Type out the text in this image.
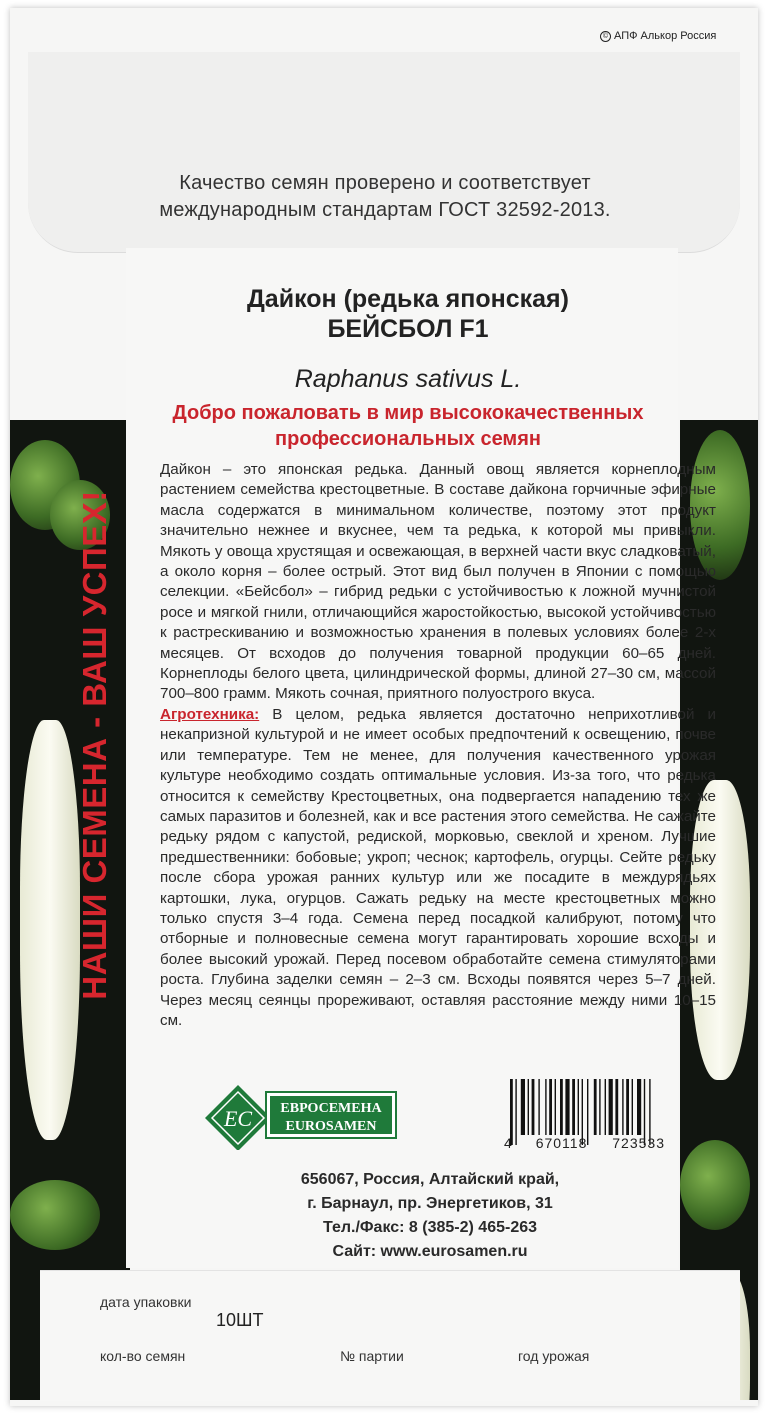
© АПФ Алькор Россия
Качество семян проверено и соответствует
международным стандартам ГОСТ 32592-2013.
НАШИ СЕМЕНА - ВАШ УСПЕХ!
Дайкон (редька японская)
БЕЙСБОЛ F1
Raphanus sativus L.
Добро пожаловать в мир высококачественных
профессиональных семян
Дайкон – это японская редька. Данный овощ является корнеплодным растением семейства крестоцветные. В составе дайкона горчичные эфирные масла содержатся в минимальном количестве, поэтому этот продукт значительно нежнее и вкуснее, чем та редька, к которой мы привыкли. Мякоть у овоща хрустящая и освежающая, в верхней части вкус сладковатый, а около корня – более острый. Этот вид был получен в Японии с помощью селекции. «Бейсбол» – гибрид редьки с устойчивостью к ложной мучнистой росе и мягкой гнили, отличающийся жаростойкостью, высокой устойчивостью к растрескиванию и возможностью хранения в полевых условиях более 2-х месяцев. От всходов до получения товарной продукции 60–65 дней. Корнеплоды белого цвета, цилиндрической формы, длиной 27–30 см, массой 700–800 грамм. Мякоть сочная, приятного полуострого вкуса.
Агротехника: В целом, редька является достаточно неприхотливой и некапризной культурой и не имеет особых предпочтений к освещению, почве или температуре. Тем не менее, для получения качественного урожая культуре необходимо создать оптимальные условия. Из-за того, что редька относится к семейству Крестоцветных, она подвергается нападению тех же самых паразитов и болезней, как и все растения этого семейства. Не сажайте редьку рядом с капустой, редиской, морковью, свеклой и хреном. Лучшие предшественники: бобовые; укроп; чеснок; картофель, огурцы. Сейте редьку после сбора урожая ранних культур или же посадите в междурядьях картошки, лука, огурцов. Сажать редьку на месте крестоцветных можно только спустя 3–4 года. Семена перед посадкой калибруют, потому что отборные и полновесные семена могут гарантировать хорошие всходы и более высокий урожай. Перед посевом обработайте семена стимуляторами роста. Глубина заделки семян – 2–3 см. Всходы появятся через 5–7 дней. Через месяц сеянцы прореживают, оставляя расстояние между ними 10–15 см.
EC ЕВРОСЕМЕНА
EUROSAMEN
4 670118 723533
656067, Россия, Алтайский край,
г. Барнаул, пр. Энергетиков, 31
Тел./Факс: 8 (385-2) 465-263
Сайт: www.eurosamen.ru
дата упаковки
10ШТ
кол-во семян	№ партии	год урожая
